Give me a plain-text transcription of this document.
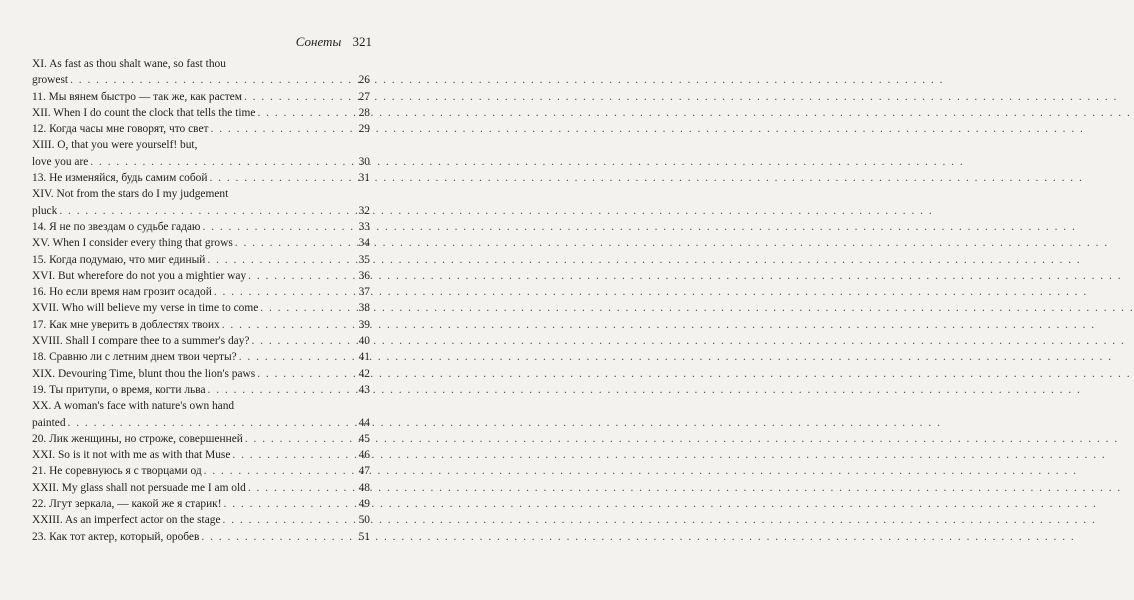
Сонеты 321
XI. As fast as thou shalt wane, so fast thou
growest . . .	26
11. Мы вянем быстро — так же, как растем . . .	27
XII. When I do count the clock that tells the time . . .	28
12. Когда часы мне говорят, что свет . . .	29
XIII. O, that you were yourself! but,
love you are . . .	30
13. Не изменяйся, будь самим собой . . .	31
XIV. Not from the stars do I my judgement
pluck . . .	32
14. Я не по звездам о судьбе гадаю . . .	33
XV. When I consider every thing that grows . . .	34
15. Когда подумаю, что миг единый . . .	35
XVI. But wherefore do not you a mightier way . . .	36
16. Но если время нам грозит осадой . . .	37
XVII. Who will believe my verse in time to come . . .	38
17. Как мне уверить в доблестях твоих . . .	39
XVIII. Shall I compare thee to a summer's day? . . .	40
18. Сравню ли с летним днем твои черты? . . .	41
XIX. Devouring Time, blunt thou the lion's paws . . .	42
19. Ты притупи, о время, когти льва . . .	43
XX. A woman's face with nature's own hand
painted . . .	44
20. Лик женщины, но строже, совершенней . . .	45
XXI. So is it not with me as with that Muse . . .	46
21. Не соревнуюсь я с творцами од . . .	47
XXII. My glass shall not persuade me I am old . . .	48
22. Лгут зеркала, — какой же я старик! . . .	49
XXIII. As an imperfect actor on the stage . . .	50
23. Как тот актер, который, оробев . . .	51
